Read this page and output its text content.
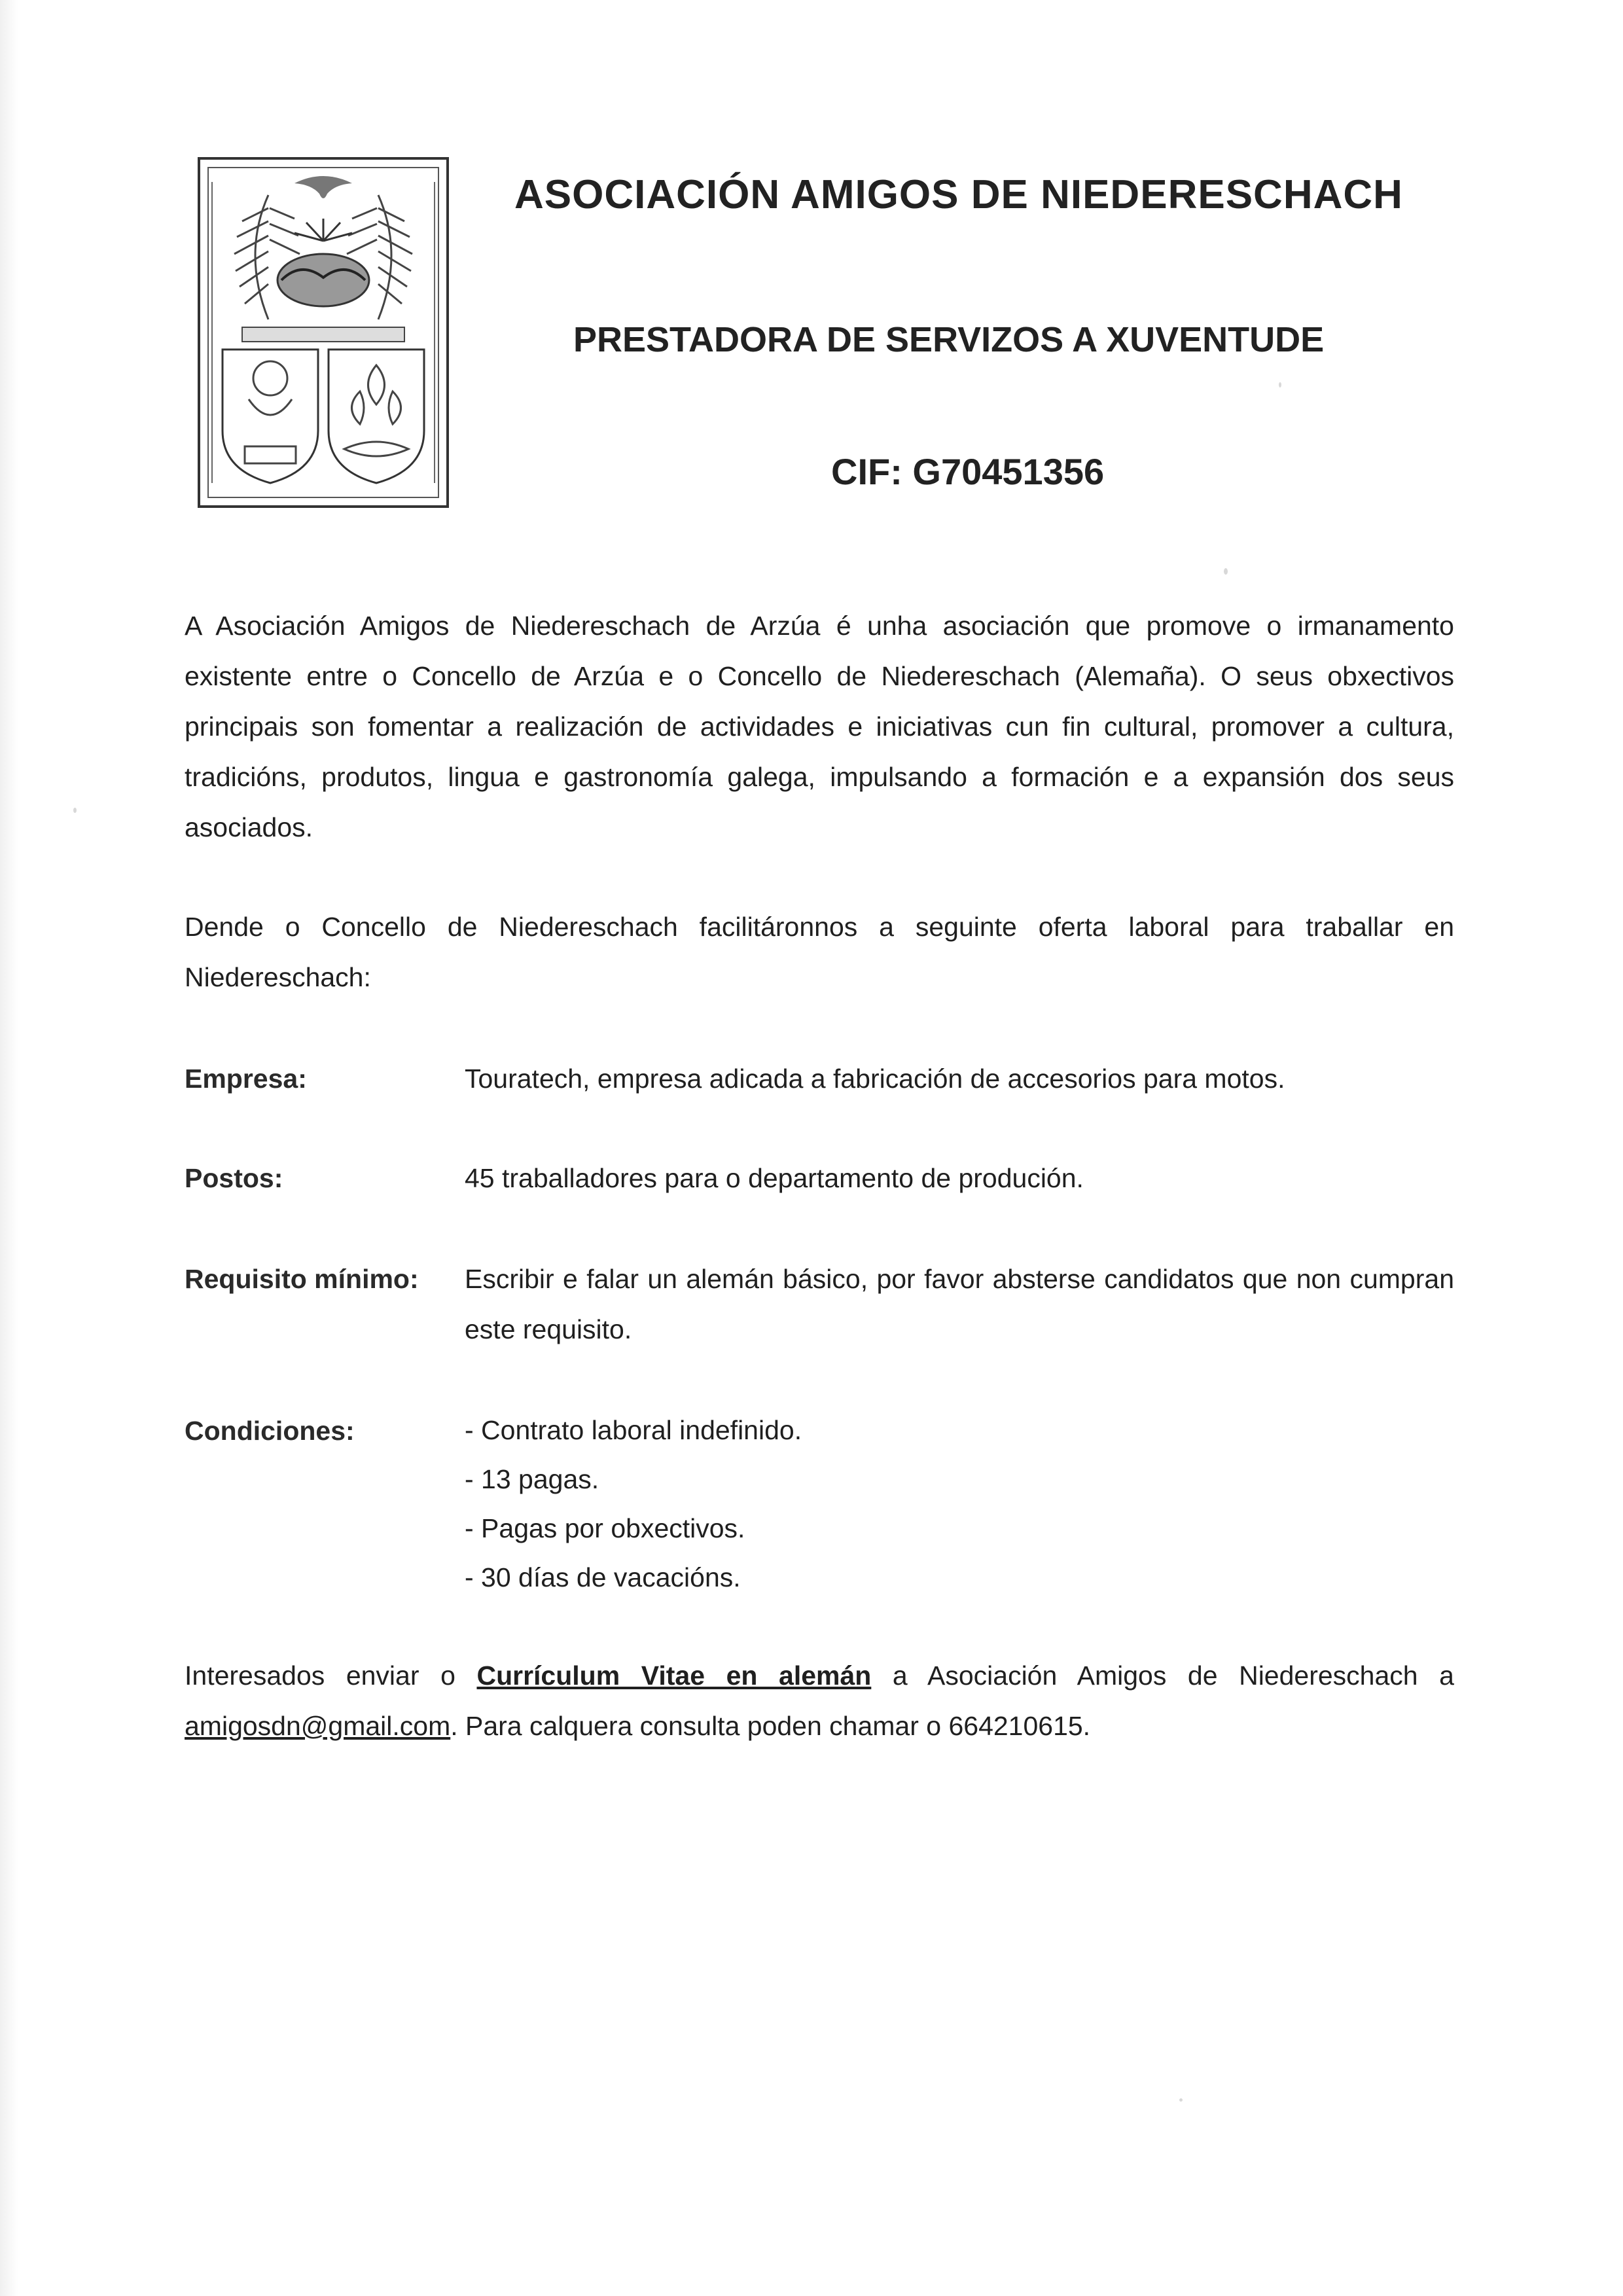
ASOCIACIÓN AMIGOS DE NIEDERESCHACH
PRESTADORA DE SERVIZOS A XUVENTUDE
CIF: G70451356
A Asociación Amigos de Niedereschach de Arzúa é unha asociación que promove o irmanamento existente entre o Concello de Arzúa e o Concello de Niedereschach (Alemaña). O seus obxectivos principais son fomentar a realización de actividades e iniciativas cun fin cultural, promover a cultura, tradicións, produtos, lingua e gastronomía galega, impulsando a formación e a expansión dos seus asociados.
Dende o Concello de Niedereschach facilitáronnos a seguinte oferta laboral para traballar en Niedereschach:
Empresa:	Touratech, empresa adicada a fabricación de accesorios para motos.
Postos:	45 traballadores para o departamento de produción.
Requisito mínimo:	Escribir e falar un alemán básico, por favor absterse candidatos que non cumpran este requisito.
Condiciones:	- Contrato laboral indefinido.
- 13 pagas.
- Pagas por obxectivos.
- 30 días de vacacións.
Interesados enviar o Currículum Vitae en alemán a Asociación Amigos de Niedereschach a amigosdn@gmail.com. Para calquera consulta poden chamar o 664210615.
